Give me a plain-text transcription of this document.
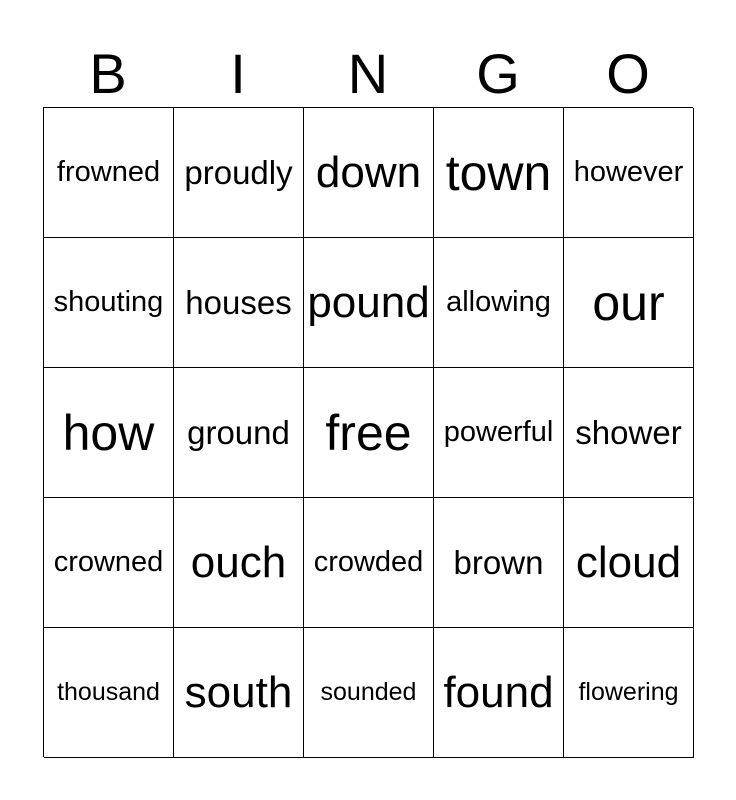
B	I	N	G	O
frowned proudly down town however
shouting houses pound allowing our
how ground free	powerful shower
crowned ouch crowded brown cloud
thousand south	sounded found flowering
